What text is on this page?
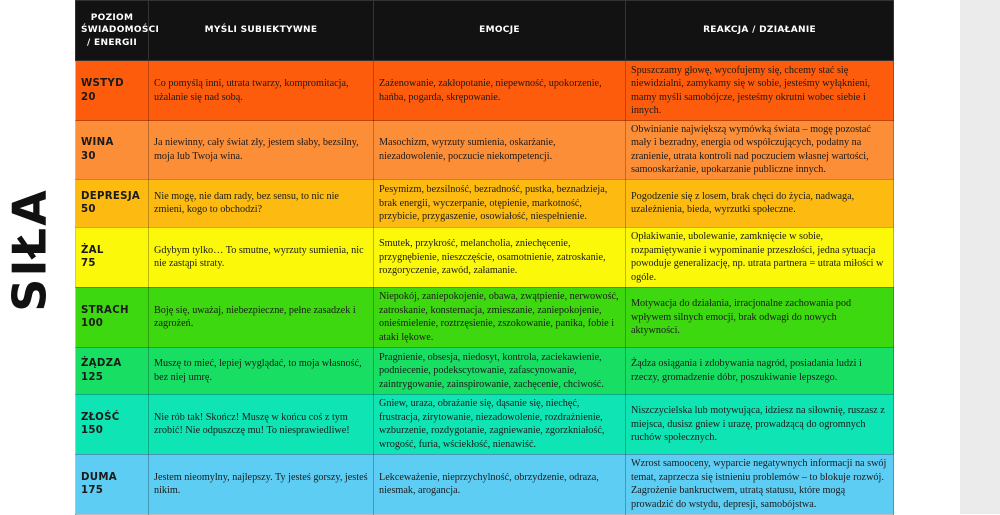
SIŁA
POZIOM ŚWIADOMOŚCI / ENERGII	MYŚLI SUBIEKTYWNE	EMOCJE	REAKCJA / DZIAŁANIE

WSTYD
20	Co pomyślą inni, utrata twarzy, kompromitacja, użalanie się nad sobą.	Zażenowanie, zakłopotanie, niepewność, upokorzenie, hańba, pogarda, skrępowanie.	Spuszczamy głowę, wycofujemy się, chcemy stać się niewidzialni, zamykamy się w sobie, jesteśmy wyłąknieni, mamy myśli samobójcze, jesteśmy okrutni wobec siebie i innych.

WINA
30	Ja niewinny, cały świat zły, jestem słaby, bezsilny, moja lub Twoja wina.	Masochizm, wyrzuty sumienia, oskarżanie, niezadowolenie, poczucie niekompetencji.	Obwinianie największą wymówką świata – mogę pozostać mały i bezradny, energia od współczujących, podatny na zranienie, utrata kontroli nad poczuciem własnej wartości, samooskarżanie, upokarzanie publiczne innych.

DEPRESJA
50	Nie mogę, nie dam rady, bez sensu, to nic nie zmieni, kogo to obchodzi?	Pesymizm, bezsilność, bezradność, pustka, beznadzieja, brak energii, wyczerpanie, otępienie, markotność, przybicie, przygaszenie, osowiałość, niespełnienie.	Pogodzenie się z losem, brak chęci do życia, nadwaga, uzależnienia, bieda, wyrzutki społeczne.

ŻAL
75	Gdybym tylko… To smutne, wyrzuty sumienia, nic nie zastąpi straty.	Smutek, przykrość, melancholia, zniechęcenie, przygnębienie, nieszczęście, osamotnienie, zatroskanie, rozgoryczenie, zawód, załamanie.	Opłakiwanie, ubolewanie, zamknięcie w sobie, rozpamiętywanie i wypominanie przeszłości, jedna sytuacja powoduje generalizację, np. utrata partnera = utrata miłości w ogóle.

STRACH
100	Boję się, uważaj, niebezpieczne, pełne zasadzek i zagrożeń.	Niepokój, zaniepokojenie, obawa, zwątpienie, nerwowość, zatroskanie, konsternacja, zmieszanie, zaniepokojenie, onieśmielenie, roztrzęsienie, zszokowanie, panika, fobie i ataki lękowe.	Motywacja do działania, irracjonalne zachowania pod wpływem silnych emocji, brak odwagi do nowych aktywności.

ŻĄDZA
125	Muszę to mieć, lepiej wyglądać, to moja własność, bez niej umrę.	Pragnienie, obsesja, niedosyt, kontrola, zaciekawienie, podniecenie, podekscytowanie, zafascynowanie, zaintrygowanie, zainspirowanie, zachęcenie, chciwość.	Żądza osiągania i zdobywania nagród, posiadania ludzi i rzeczy, gromadzenie dóbr, poszukiwanie lepszego.

ZŁOŚĆ
150	Nie rób tak! Skończ! Muszę w końcu coś z tym zrobić! Nie odpuszczę mu! To niesprawiedliwe!	Gniew, uraza, obrażanie się, dąsanie się, niechęć, frustracja, zirytowanie, niezadowolenie, rozdrażnienie, wzburzenie, rozdygotanie, zagniewanie, zgorzkniałość, wrogość, furia, wściekłość, nienawiść.	Niszczycielska lub motywująca, idziesz na siłownię, ruszasz z miejsca, dusisz gniew i urazę, prowadzącą do ogromnych ruchów społecznych.

DUMA
175	Jestem nieomylny, najlepszy. Ty jesteś gorszy, jesteś nikim.	Lekceważenie, nieprzychylność, obrzydzenie, odraza, niesmak, arogancja.	Wzrost samooceny, wyparcie negatywnych informacji na swój temat, zaprzecza się istnieniu problemów – to blokuje rozwój. Zagrożenie bankructwem, utratą statusu, które mogą prowadzić do wstydu, depresji, samobójstwa.
